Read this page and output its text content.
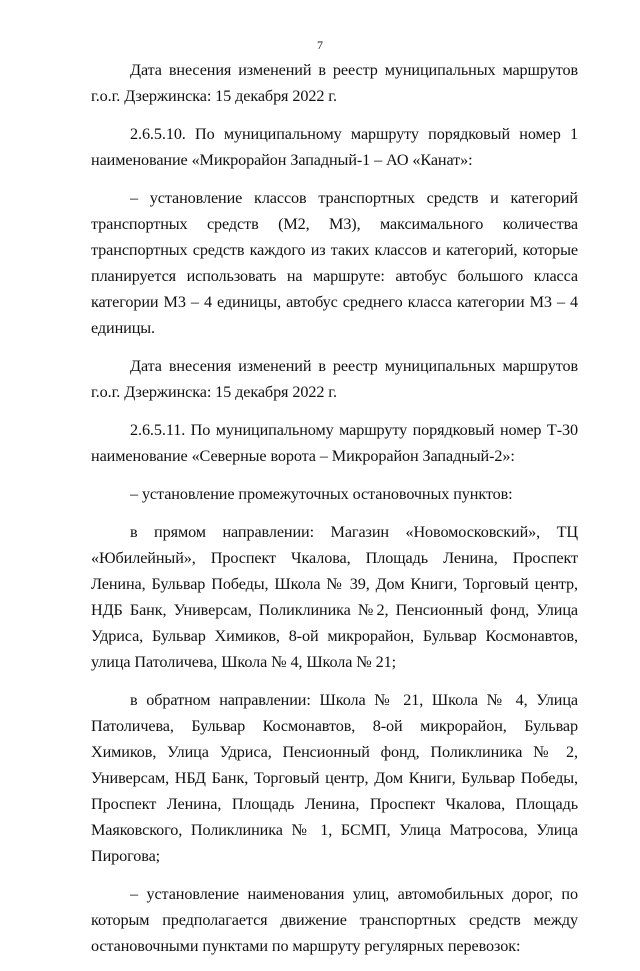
7

Дата внесения изменений в реестр муниципальных маршрутов г.о.г. Дзержинска: 15 декабря 2022 г.

2.6.5.10. По муниципальному маршруту порядковый номер 1 наименование «Микрорайон Западный-1 – АО «Канат»:

– установление классов транспортных средств и категорий транспортных средств (М2, М3), максимального количества транспортных средств каждого из таких классов и категорий, которые планируется использовать на маршруте: автобус большого класса категории М3 – 4 единицы, автобус среднего класса категории М3 – 4 единицы.

Дата внесения изменений в реестр муниципальных маршрутов г.о.г. Дзержинска: 15 декабря 2022 г.

2.6.5.11. По муниципальному маршруту порядковый номер Т-30 наименование «Северные ворота – Микрорайон Западный-2»:

– установление промежуточных остановочных пунктов:

в прямом направлении: Магазин «Новомосковский», ТЦ «Юбилейный», Проспект Чкалова, Площадь Ленина, Проспект Ленина, Бульвар Победы, Школа № 39, Дом Книги, Торговый центр, НДБ Банк, Универсам, Поликлиника №2, Пенсионный фонд, Улица Удриса, Бульвар Химиков, 8-ой микрорайон, Бульвар Космонавтов, улица Патоличева, Школа № 4, Школа № 21;

в обратном направлении: Школа № 21, Школа № 4, Улица Патоличева, Бульвар Космонавтов, 8-ой микрорайон, Бульвар Химиков, Улица Удриса, Пенсионный фонд, Поликлиника № 2, Универсам, НБД Банк, Торговый центр, Дом Книги, Бульвар Победы, Проспект Ленина, Площадь Ленина, Проспект Чкалова, Площадь Маяковского, Поликлиника № 1, БСМП, Улица Матросова, Улица Пирогова;

– установление наименования улиц, автомобильных дорог, по которым предполагается движение транспортных средств между остановочными пунктами по маршруту регулярных перевозок:
